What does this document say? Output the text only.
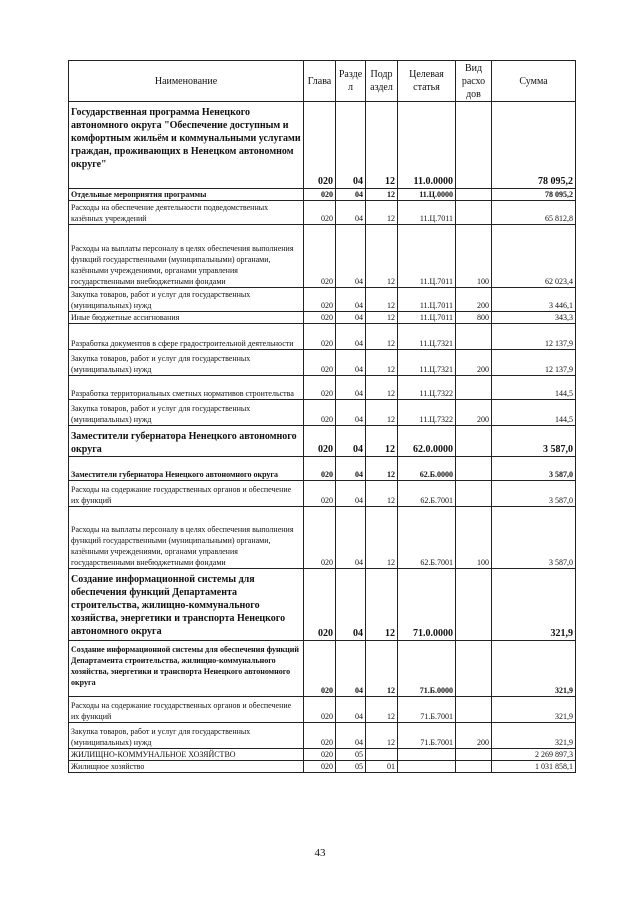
Наименование	Глава	Разде л	Подр аздел	Целевая статья	Вид расхо дов	Сумма
Государственная программа Ненецкого автономного округа "Обеспечение доступным и комфортным жильём и коммунальными услугами граждан, проживающих в Ненецком автономном округе"	020	04	12	11.0.0000		78 095,2
Отдельные мероприятия программы	020	04	12	11.Ц.0000		78 095,2
Расходы на обеспечение деятельности подведомственных казённых учреждений	020	04	12	11.Ц.7011		65 812,8
Расходы на выплаты персоналу в целях обеспечения выполнения функций государственными (муниципальными) органами, казёнными учреждениями, органами управления государственными внебюджетными фондами	020	04	12	11.Ц.7011	100	62 023,4
Закупка товаров, работ и услуг для государственных (муниципальных) нужд	020	04	12	11.Ц.7011	200	3 446,1
Иные бюджетные ассигнования	020	04	12	11.Ц.7011	800	343,3
Разработка документов в сфере градостроительной деятельности	020	04	12	11.Ц.7321		12 137,9
Закупка товаров, работ и услуг для государственных (муниципальных) нужд	020	04	12	11.Ц.7321	200	12 137,9
Разработка территориальных сметных нормативов строительства	020	04	12	11.Ц.7322		144,5
Закупка товаров, работ и услуг для государственных (муниципальных) нужд	020	04	12	11.Ц.7322	200	144,5
Заместители губернатора Ненецкого автономного округа	020	04	12	62.0.0000		3 587,0
Заместители губернатора Ненецкого автономного округа	020	04	12	62.Б.0000		3 587,0
Расходы на содержание государственных органов и обеспечение их функций	020	04	12	62.Б.7001		3 587,0
Расходы на выплаты персоналу в целях обеспечения выполнения функций государственными (муниципальными) органами, казёнными учреждениями, органами управления государственными внебюджетными фондами	020	04	12	62.Б.7001	100	3 587,0
Создание информационной системы для обеспечения функций Департамента строительства, жилищно-коммунального хозяйства, энергетики и транспорта Ненецкого автономного округа	020	04	12	71.0.0000		321,9
Создание информационной системы для обеспечения функций Департамента строительства, жилищно-коммунального хозяйства, энергетики и транспорта Ненецкого автономного округа	020	04	12	71.Б.0000		321,9
Расходы на содержание государственных органов и обеспечение их функций	020	04	12	71.Б.7001		321,9
Закупка товаров, работ и услуг для государственных (муниципальных) нужд	020	04	12	71.Б.7001	200	321,9
ЖИЛИЩНО-КОММУНАЛЬНОЕ ХОЗЯЙСТВО	020	05				2 269 897,3
Жилищное хозяйство	020	05	01			1 031 858,1
43
